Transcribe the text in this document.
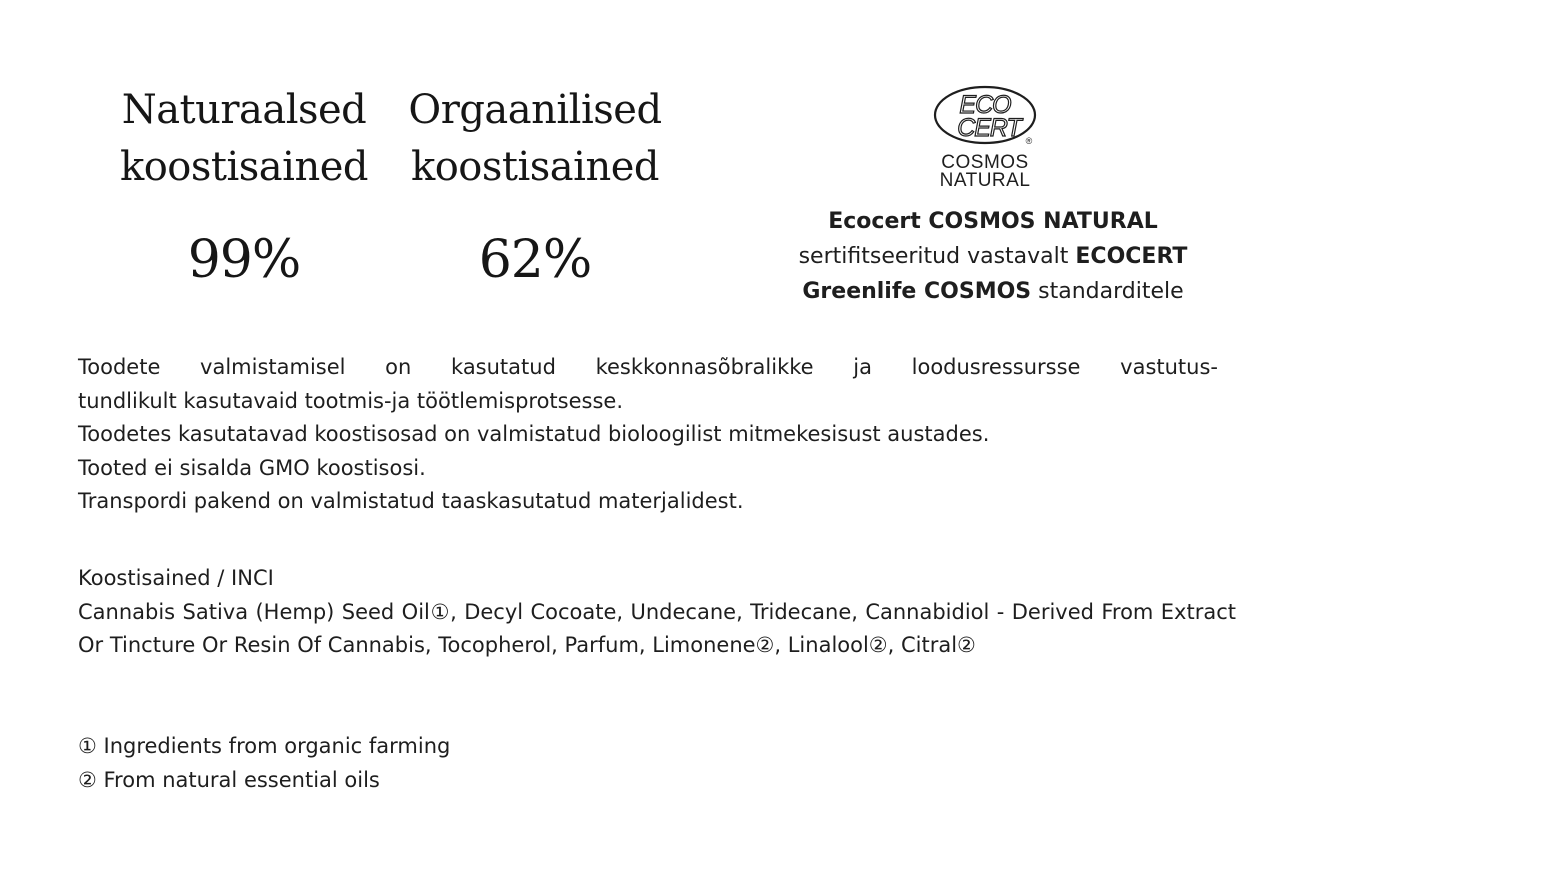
Naturaalsed
koostisained
99%
Orgaanilised
koostisained
62%
ECO
CERT ®
COSMOS
NATURAL
Ecocert COSMOS NATURAL
sertifitseeritud vastavalt ECOCERT
Greenlife COSMOS standarditele

Toodete valmistamisel on kasutatud keskkonnasõbralikke ja loodusressursse vastutus-

tundlikult kasutavaid tootmis-ja töötlemisprotsesse.

Toodetes kasutatavad koostisosad on valmistatud bioloogilist mitmekesisust austades.

Tooted ei sisalda GMO koostisosi.

Transpordi pakend on valmistatud taaskasutatud materjalidest.

Koostisained / INCI

Cannabis Sativa (Hemp) Seed Oil①, Decyl Cocoate, Undecane, Tridecane, Cannabidiol - Derived From Extract Or Tincture Or Resin Of Cannabis, Tocopherol, Parfum, Limonene②, Linalool②, Citral②

① Ingredients from organic farming

② From natural essential oils
